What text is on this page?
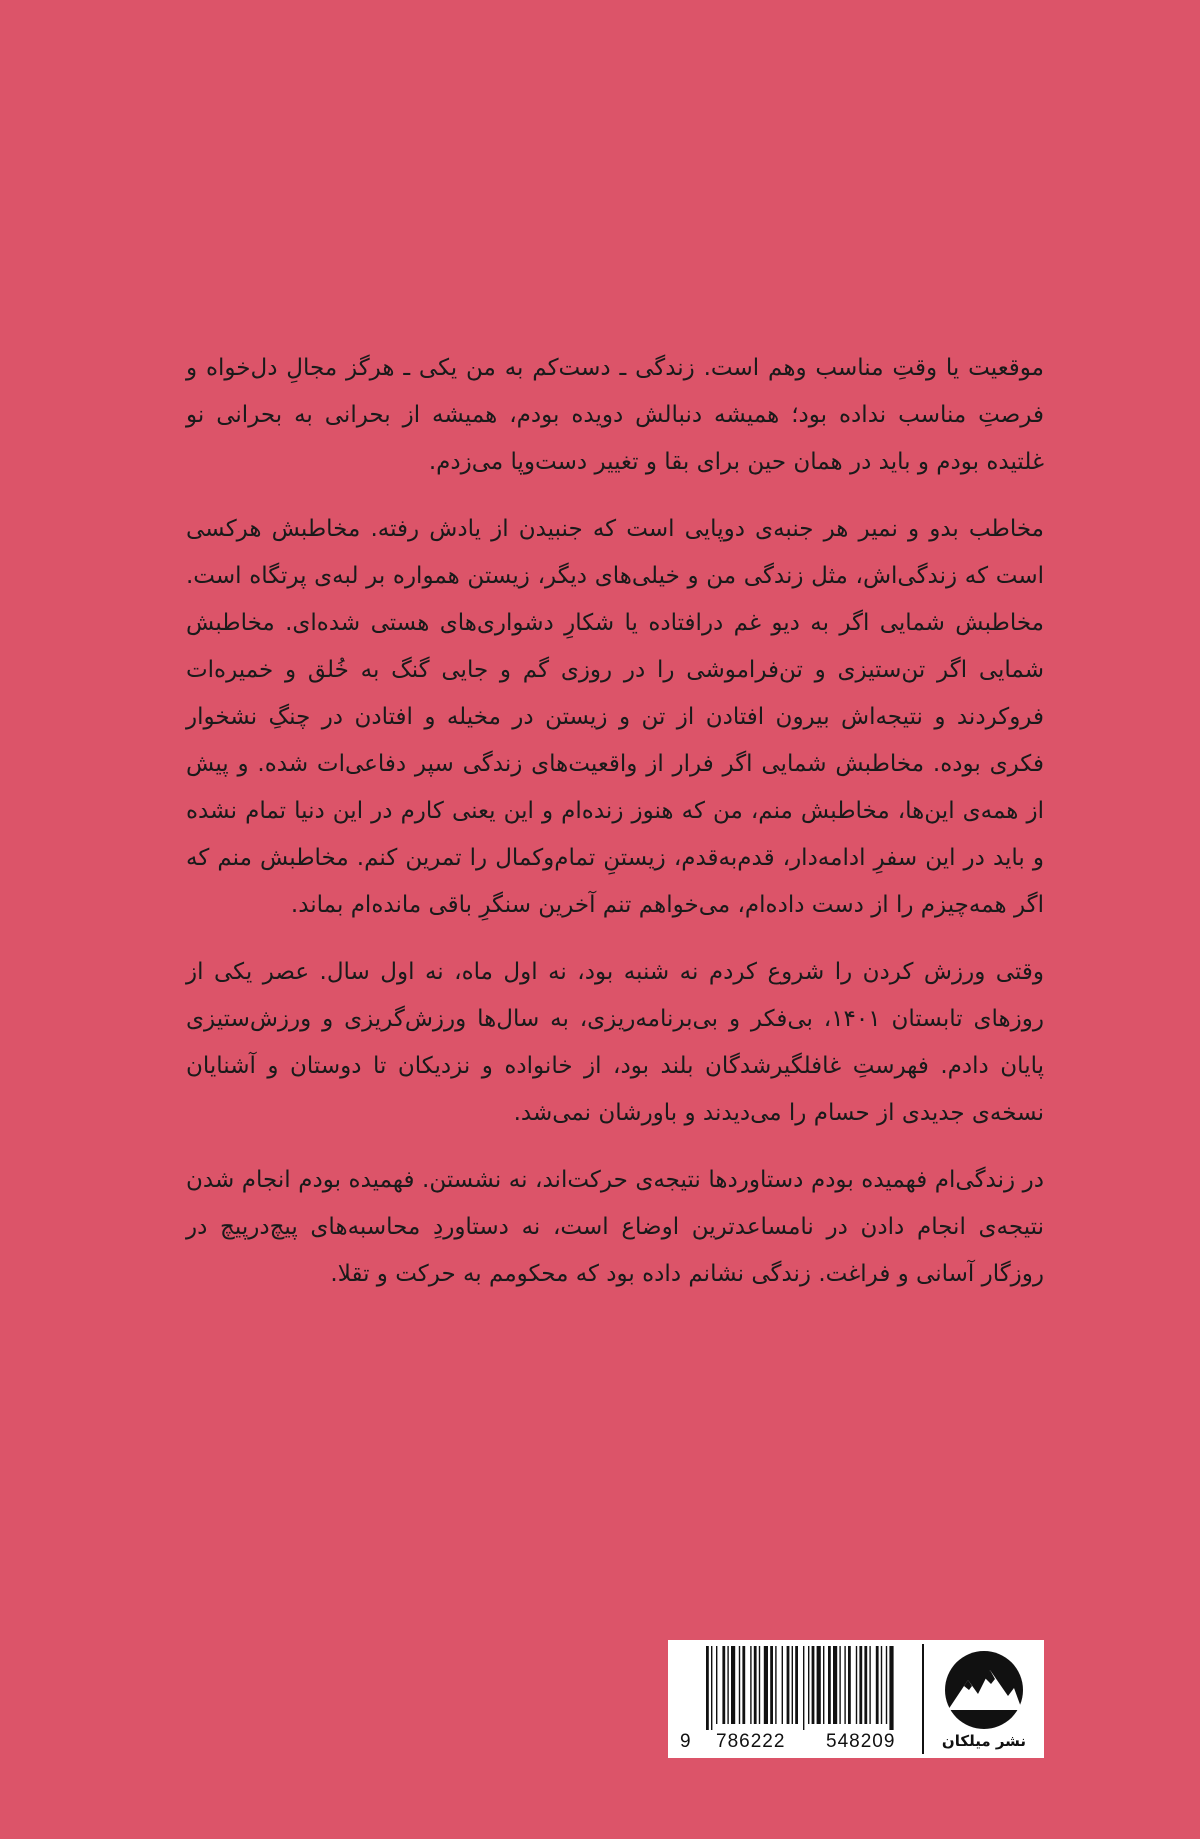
موقعیت یا وقتِ مناسب وهم است. زندگی ـ دست‌کم به من یکی ـ هرگز مجالِ دل‌خواه و فرصتِ مناسب نداده بود؛ همیشه دنبالش دویده بودم، همیشه از بحرانی به بحرانی نو غلتیده بودم و باید در همان حین برای بقا و تغییر دست‌وپا می‌زدم.

مخاطب بدو و نمیر هر جنبه‌ی دوپایی است که جنبیدن از یادش رفته. مخاطبش هرکسی است که زندگی‌اش، مثل زندگی من و خیلی‌های دیگر، زیستن همواره بر لبه‌ی پرتگاه است. مخاطبش شمایی اگر به دیو غم درافتاده یا شکارِ دشواری‌های هستی شده‌ای. مخاطبش شمایی اگر تن‌ستیزی و تن‌فراموشی را در روزی گم و جایی گنگ به خُلق و خمیره‌ات فروکردند و نتیجه‌اش بیرون افتادن از تن و زیستن در مخیله و افتادن در چنگِ نشخوار فکری بوده. مخاطبش شمایی اگر فرار از واقعیت‌های زندگی سپر دفاعی‌ات شده. و پیش از همه‌ی این‌ها، مخاطبش منم، من که هنوز زنده‌ام و این یعنی کارم در این دنیا تمام نشده و باید در این سفرِ ادامه‌دار، قدم‌به‌قدم، زیستنِ تمام‌وکمال را تمرین کنم. مخاطبش منم که اگر همه‌چیزم را از دست داده‌ام، می‌خواهم تنم آخرین سنگرِ باقی مانده‌ام بماند.

وقتی ورزش کردن را شروع کردم نه شنبه بود، نه اول ماه، نه اول سال. عصر یکی از روزهای تابستان ۱۴۰۱، بی‌فکر و بی‌برنامه‌ریزی، به سال‌ها ورزش‌گریزی و ورزش‌ستیزی پایان دادم. فهرستِ غافلگیرشدگان بلند بود، از خانواده و نزدیکان تا دوستان و آشنایان نسخه‌ی جدیدی از حسام را می‌دیدند و باورشان نمی‌شد.

در زندگی‌ام فهمیده بودم دستاوردها نتیجه‌ی حرکت‌اند، نه نشستن. فهمیده بودم انجام شدن نتیجه‌ی انجام دادن در نامساعدترین اوضاع است، نه دستاوردِ محاسبه‌های پیچ‌درپیچ در روزگار آسانی و فراغت. زندگی نشانم داده بود که محکومم به حرکت و تقلا.

9 786222 548209	نشر میلکان
